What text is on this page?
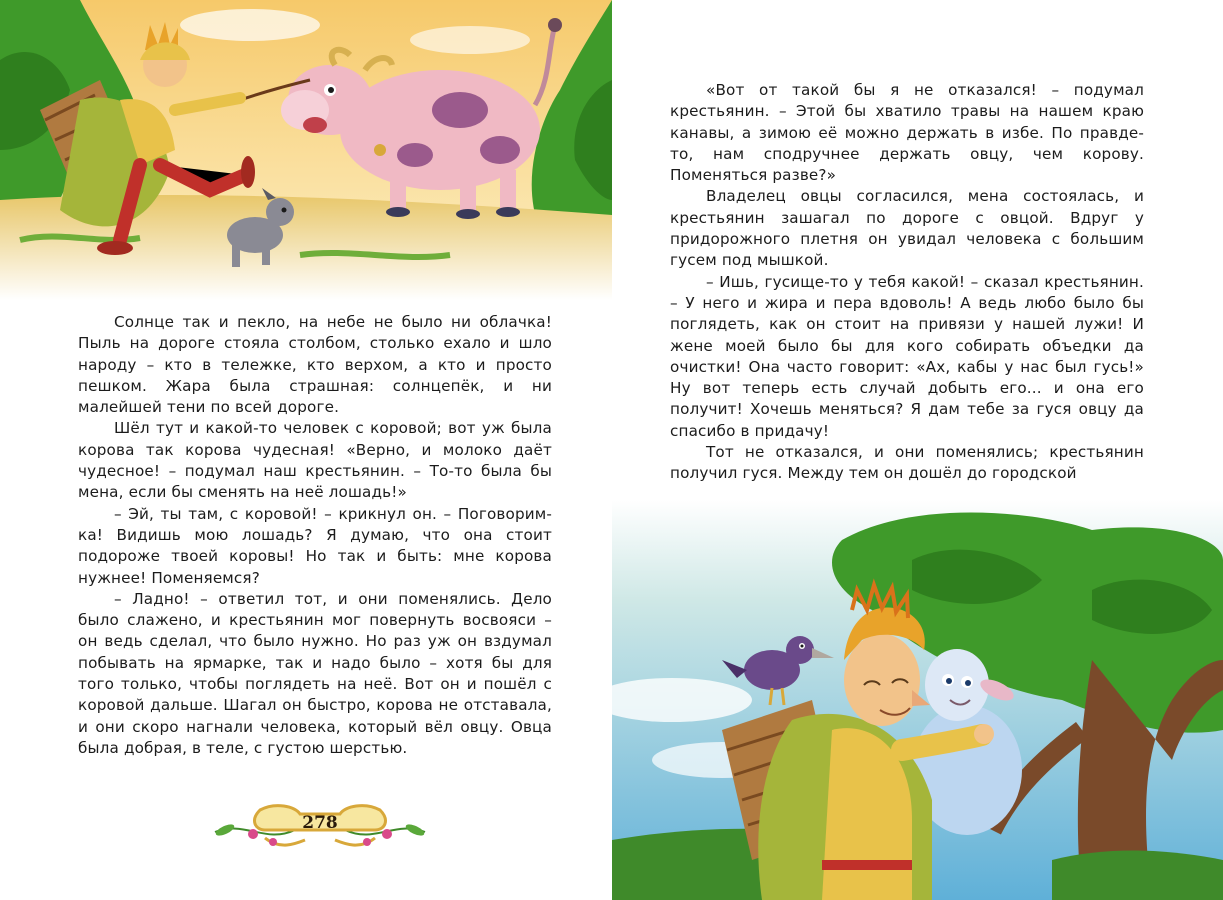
Солнце так и пекло, на небе не было ни облачка! Пыль на дороге стояла столбом, столько ехало и шло народу – кто в тележке, кто верхом, а кто и просто пешком. Жара была страшная: солнцепёк, и ни малейшей тени по всей дороге.

Шёл тут и какой-то человек с коровой; вот уж была корова так корова чудесная! «Верно, и молоко даёт чудесное! – подумал наш крестьянин. – То-то была бы мена, если бы сменять на неё лошадь!»

– Эй, ты там, с коровой! – крикнул он. – Поговорим-ка! Видишь мою лошадь? Я думаю, что она стоит подороже твоей коровы! Но так и быть: мне корова нужнее! Поменяемся?

– Ладно! – ответил тот, и они поменялись. Дело было слажено, и крестьянин мог повернуть восвояси – он ведь сделал, что было нужно. Но раз уж он вздумал побывать на ярмарке, так и надо было – хотя бы для того только, чтобы поглядеть на неё. Вот он и пошёл с коровой дальше. Шагал он быстро, корова не отставала, и они скоро нагнали человека, который вёл овцу. Овца была добрая, в теле, с густою шерстью.

278

«Вот от такой бы я не отказался! – подумал крестьянин. – Этой бы хватило травы на нашем краю канавы, а зимою её можно держать в избе. По правде-то, нам сподручнее держать овцу, чем корову. Поменяться разве?»

Владелец овцы согласился, мена состоялась, и крестьянин зашагал по дороге с овцой. Вдруг у придорожного плетня он увидал человека с большим гусем под мышкой.

– Ишь, гусище-то у тебя какой! – сказал крестьянин. – У него и жира и пера вдоволь! А ведь любо было бы поглядеть, как он стоит на привязи у нашей лужи! И жене моей было бы для кого собирать объедки да очистки! Она часто говорит: «Ах, кабы у нас был гусь!» Ну вот теперь есть случай добыть его... и она его получит! Хочешь меняться? Я дам тебе за гуся овцу да спасибо в придачу!

Тот не отказался, и они поменялись; крестьянин получил гуся. Между тем он дошёл до городской
